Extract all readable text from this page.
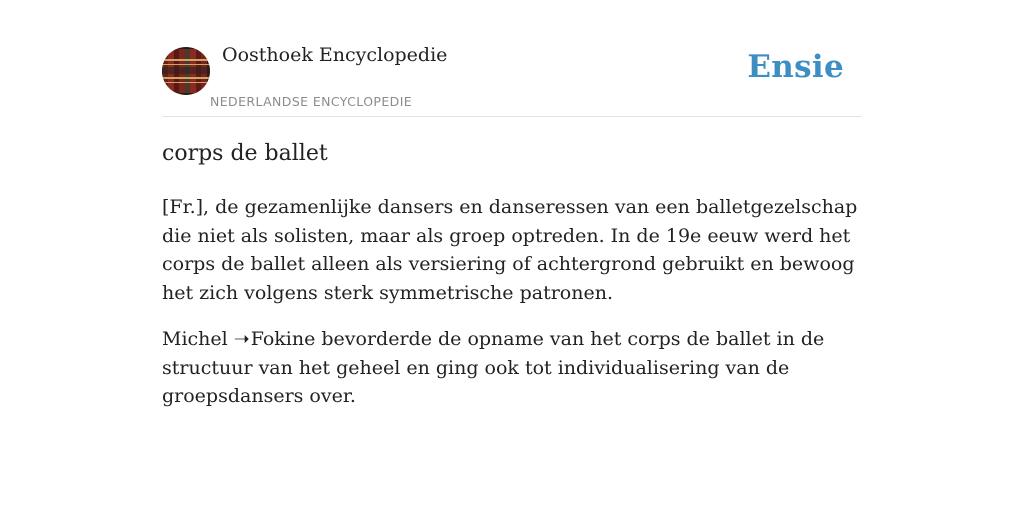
Oosthoek Encyclopedie
NEDERLANDSE ENCYCLOPEDIE
Ensie
corps de ballet

[Fr.], de gezamenlijke dansers en danseressen van een balletgezelschap die niet als solisten, maar als groep optreden. In de 19e eeuw werd het corps de ballet alleen als versiering of achtergrond gebruikt en bewoog het zich volgens sterk symmetrische patronen.

Michel ➝Fokine bevorderde de opname van het corps de ballet in de structuur van het geheel en ging ook tot individualisering van de groepsdansers over.
